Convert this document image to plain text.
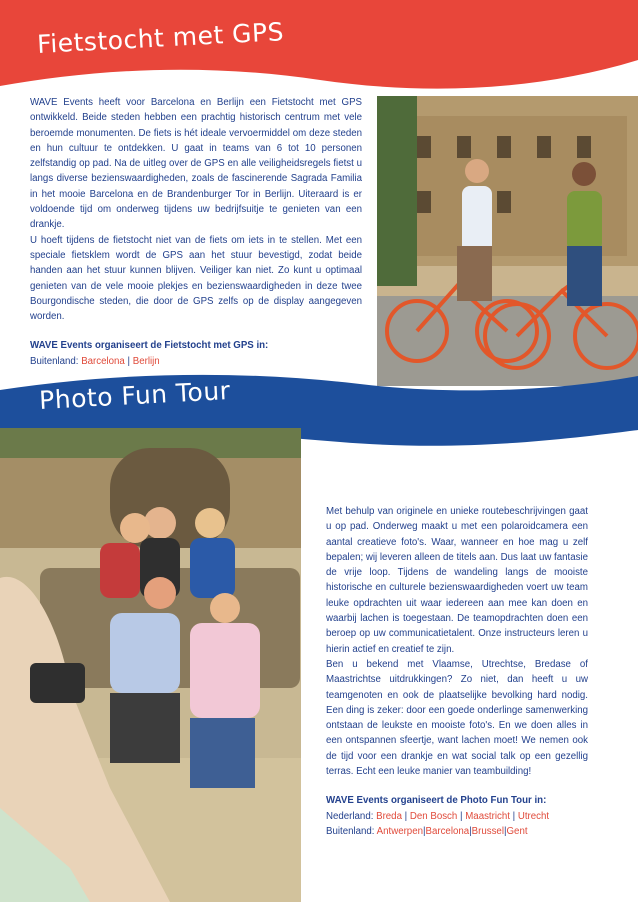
Fietstocht met GPS

WAVE Events heeft voor Barcelona en Berlijn een Fietstocht met GPS ontwikkeld. Beide steden hebben een prachtig historisch centrum met vele beroemde monumenten. De fiets is hét ideale vervoermiddel om deze steden en hun cultuur te ontdekken. U gaat in teams van 6 tot 10 personen zelfstandig op pad. Na de uitleg over de GPS en alle veiligheidsregels fietst u langs diverse bezienswaardigheden, zoals de fascinerende Sagrada Familia in het mooie Barcelona en de Brandenburger Tor in Berlijn. Uiteraard is er voldoende tijd om onderweg tijdens uw bedrijfsuitje te genieten van een drankje.

U hoeft tijdens de fietstocht niet van de fiets om iets in te stellen. Met een speciale fietsklem wordt de GPS aan het stuur bevestigd, zodat beide handen aan het stuur kunnen blijven. Veiliger kan niet. Zo kunt u optimaal genieten van de vele mooie plekjes en bezienswaardigheden in deze twee Bourgondische steden, die door de GPS zelfs op de display aangegeven worden.

WAVE Events organiseert de Fietstocht met GPS in:
Buitenland: Barcelona | Berlijn
Photo Fun Tour

Met behulp van originele en unieke routebeschrijvingen gaat u op pad. Onderweg maakt u met een polaroidcamera een aantal creatieve foto's. Waar, wanneer en hoe mag u zelf bepalen; wij leveren alleen de titels aan. Dus laat uw fantasie de vrije loop. Tijdens de wandeling langs de mooiste historische en culturele bezienswaardigheden voert uw team leuke opdrachten uit waar iedereen aan mee kan doen en waarbij lachen is toegestaan. De teamopdrachten doen een beroep op uw communicatietalent. Onze instructeurs leren u hierin actief en creatief te zijn.

Ben u bekend met Vlaamse, Utrechtse, Bredase of Maastrichtse uitdrukkingen? Zo niet, dan heeft u uw teamgenoten en ook de plaatselijke bevolking hard nodig. Een ding is zeker: door een goede onderlinge samenwerking ontstaan de leukste en mooiste foto's. En we doen alles in een ontspannen sfeertje, want lachen moet! We nemen ook de tijd voor een drankje en wat social talk op een gezellig terras. Echt een leuke manier van teambuilding!

WAVE Events organiseert de Photo Fun Tour in:
Nederland: Breda | Den Bosch | Maastricht | Utrecht
Buitenland: Antwerpen|Barcelona|Brussel|Gent
